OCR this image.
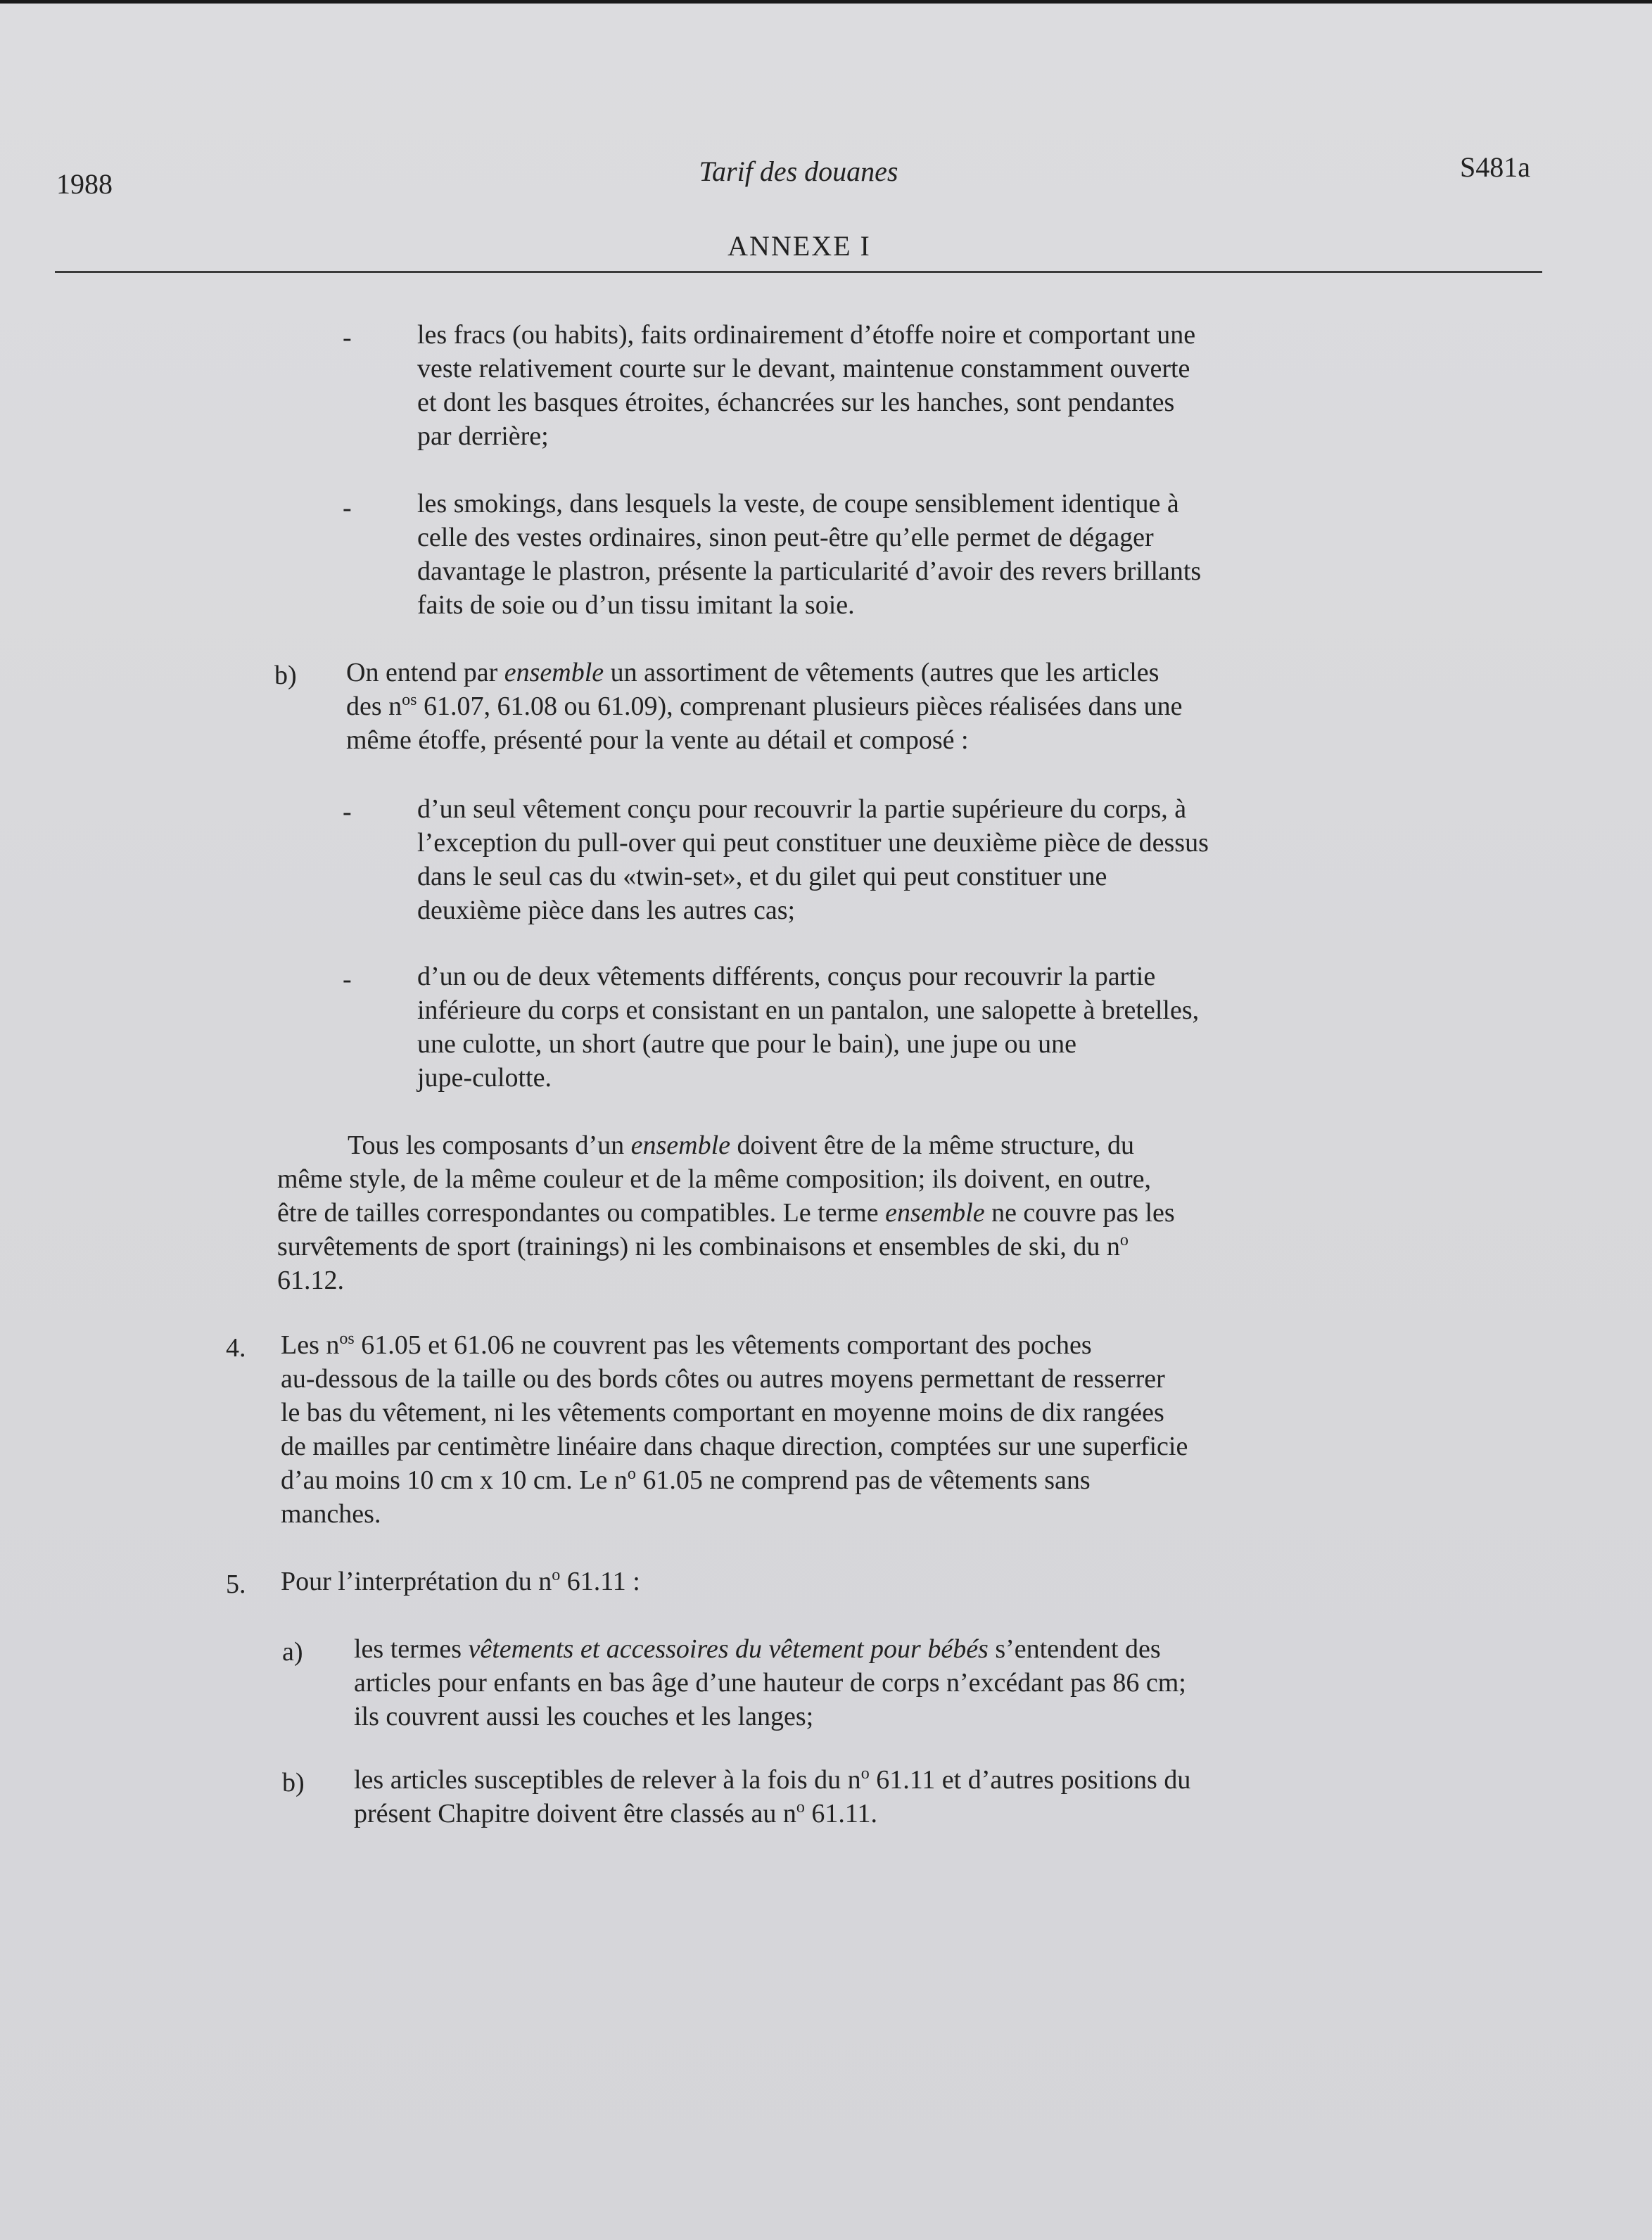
1988	Tarif des douanes	S481a
ANNEXE I
- les fracs (ou habits), faits ordinairement d’étoffe noire et comportant une
veste relativement courte sur le devant, maintenue constamment ouverte
et dont les basques étroites, échancrées sur les hanches, sont pendantes
par derrière;
- les smokings, dans lesquels la veste, de coupe sensiblement identique à
celle des vestes ordinaires, sinon peut-être qu’elle permet de dégager
davantage le plastron, présente la particularité d’avoir des revers brillants
faits de soie ou d’un tissu imitant la soie.
b) On entend par ensemble un assortiment de vêtements (autres que les articles
des $n^{os}$ 61.07, 61.08 ou 61.09), comprenant plusieurs pièces réalisées dans une
même étoffe, présenté pour la vente au détail et composé :
- d’un seul vêtement conçu pour recouvrir la partie supérieure du corps, à
l’exception du pull-over qui peut constituer une deuxième pièce de dessus
dans le seul cas du «twin-set», et du gilet qui peut constituer une
deuxième pièce dans les autres cas;
- d’un ou de deux vêtements différents, conçus pour recouvrir la partie
inférieure du corps et consistant en un pantalon, une salopette à bretelles,
une culotte, un short (autre que pour le bain), une jupe ou une
jupe-culotte.
Tous les composants d’un ensemble doivent être de la même structure, du
même style, de la même couleur et de la même composition; ils doivent, en outre,
être de tailles correspondantes ou compatibles. Le terme ensemble ne couvre pas les
survêtements de sport (trainings) ni les combinaisons et ensembles de ski, du $n^o$
61.12.
4. Les $n^{os}$ 61.05 et 61.06 ne couvrent pas les vêtements comportant des poches
au-dessous de la taille ou des bords côtes ou autres moyens permettant de resserrer
le bas du vêtement, ni les vêtements comportant en moyenne moins de dix rangées
de mailles par centimètre linéaire dans chaque direction, comptées sur une superficie
d’au moins 10 cm x 10 cm. Le $n^o$ 61.05 ne comprend pas de vêtements sans
manches.
5. Pour l’interprétation du $n^o$ 61.11 :
a) les termes vêtements et accessoires du vêtement pour bébés s’entendent des
articles pour enfants en bas âge d’une hauteur de corps n’excédant pas 86 cm;
ils couvrent aussi les couches et les langes;
b) les articles susceptibles de relever à la fois du $n^o$ 61.11 et d’autres positions du
présent Chapitre doivent être classés au $n^o$ 61.11.
